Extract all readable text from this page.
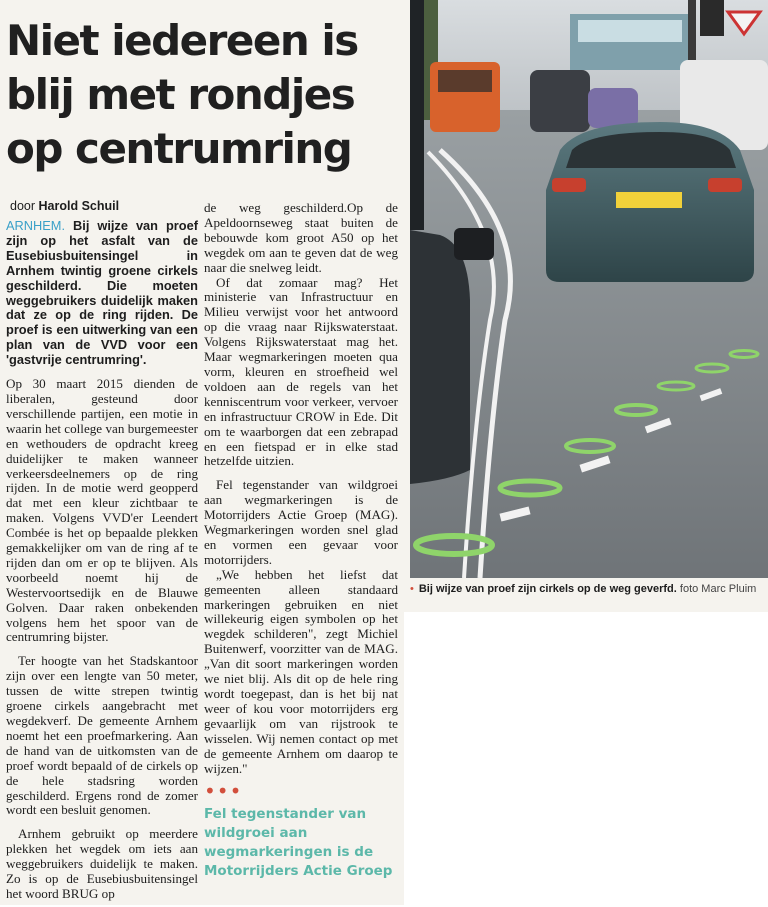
Niet iedereen is blij met rondjes op centrumring
door Harold Schuil

ARNHEM. Bij wijze van proef zijn op het asfalt van de Eusebiusbuitensingel in Arnhem twintig groene cirkels geschilderd. Die moeten weggebruikers duidelijk maken dat ze op de ring rijden. De proef is een uitwerking van een plan van de VVD voor een 'gastvrije centrumring'.

Op 30 maart 2015 dienden de liberalen, gesteund door verschillende partijen, een motie in waarin het college van burgemeester en wethouders de opdracht kreeg duidelijker te maken wanneer verkeersdeelnemers op de ring rijden. In de motie werd geopperd dat met een kleur zichtbaar te maken. Volgens VVD'er Leendert Combée is het op bepaalde plekken gemakkelijker om van de ring af te rijden dan om er op te blijven. Als voorbeeld noemt hij de Westervoortsedijk en de Blauwe Golven. Daar raken onbekenden volgens hem het spoor van de centrumring bijster.

Ter hoogte van het Stadskantoor zijn over een lengte van 50 meter, tussen de witte strepen twintig groene cirkels aangebracht met wegdekverf. De gemeente Arnhem noemt het een proefmarkering. Aan de hand van de uitkomsten van de proef wordt bepaald of de cirkels op de hele stadsring worden geschilderd. Ergens rond de zomer wordt een besluit genomen.

Arnhem gebruikt op meerdere plekken het wegdek om iets aan weggebruikers duidelijk te maken. Zo is op de Eusebiusbuitensingel het woord BRUG op

de weg geschilderd.Op de Apeldoornseweg staat buiten de bebouwde kom groot A50 op het wegdek om aan te geven dat de weg naar die snelweg leidt.

Of dat zomaar mag? Het ministerie van Infrastructuur en Milieu verwijst voor het antwoord op die vraag naar Rijkswaterstaat. Volgens Rijkswaterstaat mag het. Maar wegmarkeringen moeten qua vorm, kleuren en stroefheid wel voldoen aan de regels van het kenniscentrum voor verkeer, vervoer en infrastructuur CROW in Ede. Dit om te waarborgen dat een zebrapad en een fietspad er in elke stad hetzelfde uitzien.

Fel tegenstander van wildgroei aan wegmarkeringen is de Motorrijders Actie Groep (MAG). Wegmarkeringen worden snel glad en vormen een gevaar voor motorrijders.

„We hebben het liefst dat gemeenten alleen standaard markeringen gebruiken en niet willekeurig eigen symbolen op het wegdek schilderen", zegt Michiel Buitenwerf, voorzitter van de MAG. „Van dit soort markeringen worden we niet blij. Als dit op de hele ring wordt toegepast, dan is het bij nat weer of kou voor motorrijders erg gevaarlijk om van rijstrook te wisselen. Wij nemen contact op met de gemeente Arnhem om daarop te wijzen."

•••
Fel tegenstander van wildgroei aan wegmarkeringen is de Motorrijders Actie Groep
• Bij wijze van proef zijn cirkels op de weg geverfd. foto Marc Pluim
